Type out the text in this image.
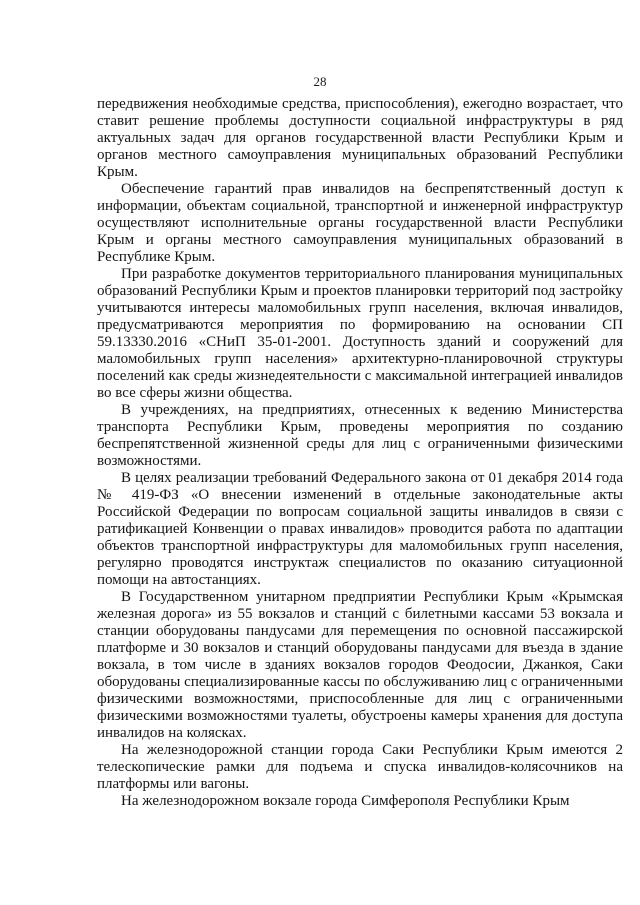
28

передвижения необходимые средства, приспособления), ежегодно возрастает, что ставит решение проблемы доступности социальной инфраструктуры в ряд актуальных задач для органов государственной власти Республики Крым и органов местного самоуправления муниципальных образований Республики Крым.

Обеспечение гарантий прав инвалидов на беспрепятственный доступ к информации, объектам социальной, транспортной и инженерной инфраструктур осуществляют исполнительные органы государственной власти Республики Крым и органы местного самоуправления муниципальных образований в Республике Крым.

При разработке документов территориального планирования муниципальных образований Республики Крым и проектов планировки территорий под застройку учитываются интересы маломобильных групп населения, включая инвалидов, предусматриваются мероприятия по формированию на основании СП 59.13330.2016 «СНиП 35-01-2001. Доступность зданий и сооружений для маломобильных групп населения» архитектурно-планировочной структуры поселений как среды жизнедеятельности с максимальной интеграцией инвалидов во все сферы жизни общества.

В учреждениях, на предприятиях, отнесенных к ведению Министерства транспорта Республики Крым, проведены мероприятия по созданию беспрепятственной жизненной среды для лиц с ограниченными физическими возможностями.

В целях реализации требований Федерального закона от 01 декабря 2014 года № 419-ФЗ «О внесении изменений в отдельные законодательные акты Российской Федерации по вопросам социальной защиты инвалидов в связи с ратификацией Конвенции о правах инвалидов» проводится работа по адаптации объектов транспортной инфраструктуры для маломобильных групп населения, регулярно проводятся инструктаж специалистов по оказанию ситуационной помощи на автостанциях.

В Государственном унитарном предприятии Республики Крым «Крымская железная дорога» из 55 вокзалов и станций с билетными кассами 53 вокзала и станции оборудованы пандусами для перемещения по основной пассажирской платформе и 30 вокзалов и станций оборудованы пандусами для въезда в здание вокзала, в том числе в зданиях вокзалов городов Феодосии, Джанкоя, Саки оборудованы специализированные кассы по обслуживанию лиц с ограниченными физическими возможностями, приспособленные для лиц с ограниченными физическими возможностями туалеты, обустроены камеры хранения для доступа инвалидов на колясках.

На железнодорожной станции города Саки Республики Крым имеются 2 телескопические рамки для подъема и спуска инвалидов-колясочников на платформы или вагоны.

На железнодорожном вокзале города Симферополя Республики Крым
